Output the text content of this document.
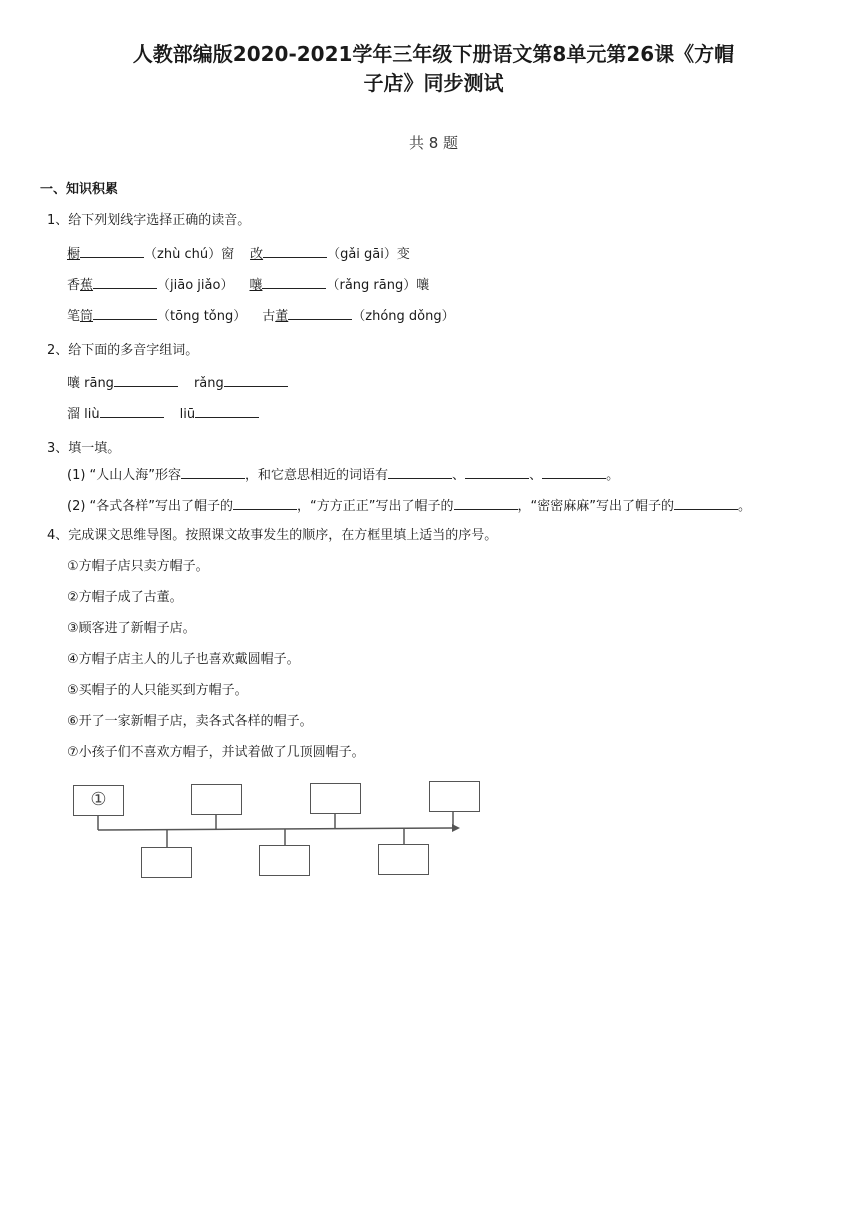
人教部编版2020-2021学年三年级下册语文第8单元第26课《方帽
子店》同步测试
共 8 题
一、知识积累
1、给下列划线字选择正确的读音。
橱	（zhù chú）窗 改	（gǎi gāi）变
香蕉	（jiāo jiǎo） 嚷	（rǎng rāng）嚷
笔筒	（tōng tǒng） 古董	（zhóng dǒng）
2、给下面的多音字组词。
嚷 rāng	rǎng
溜 liù	liū
3、填一填。
(1) “人山人海”形容	，和它意思相近的词语有	、	、	。
(2) “各式各样”写出了帽子的	，“方方正正”写出了帽子的	，“密密麻麻”写出了帽子的	。
4、完成课文思维导图。按照课文故事发生的顺序，在方框里填上适当的序号。
①方帽子店只卖方帽子。
②方帽子成了古董。
③顾客进了新帽子店。
④方帽子店主人的儿子也喜欢戴圆帽子。
⑤买帽子的人只能买到方帽子。
⑥开了一家新帽子店，卖各式各样的帽子。
⑦小孩子们不喜欢方帽子，并试着做了几顶圆帽子。
①
